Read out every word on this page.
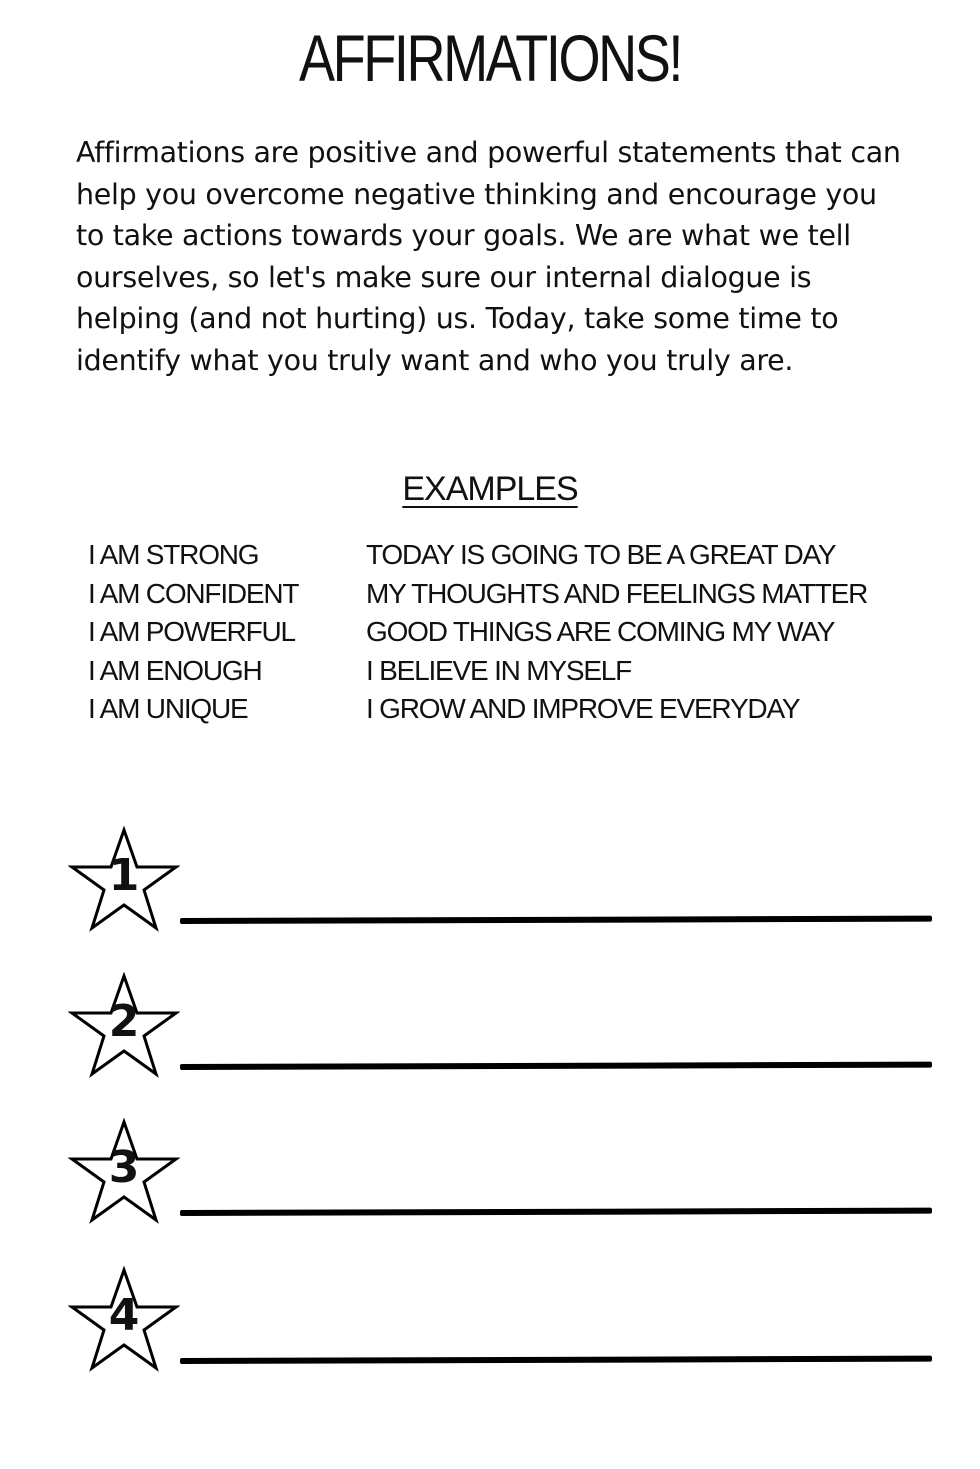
AFFIRMATIONS!

Affirmations are positive and powerful statements that can help you overcome negative thinking and encourage you to take actions towards your goals. We are what we tell ourselves, so let's make sure our internal dialogue is helping (and not hurting) us. Today, take some time to identify what you truly want and who you truly are.

EXAMPLES
I AM STRONG
I AM CONFIDENT
I AM POWERFUL
I AM ENOUGH
I AM UNIQUE
TODAY IS GOING TO BE A GREAT DAY
MY THOUGHTS AND FEELINGS MATTER
GOOD THINGS ARE COMING MY WAY
I BELIEVE IN MYSELF
I GROW AND IMPROVE EVERYDAY
1
2
3
4
